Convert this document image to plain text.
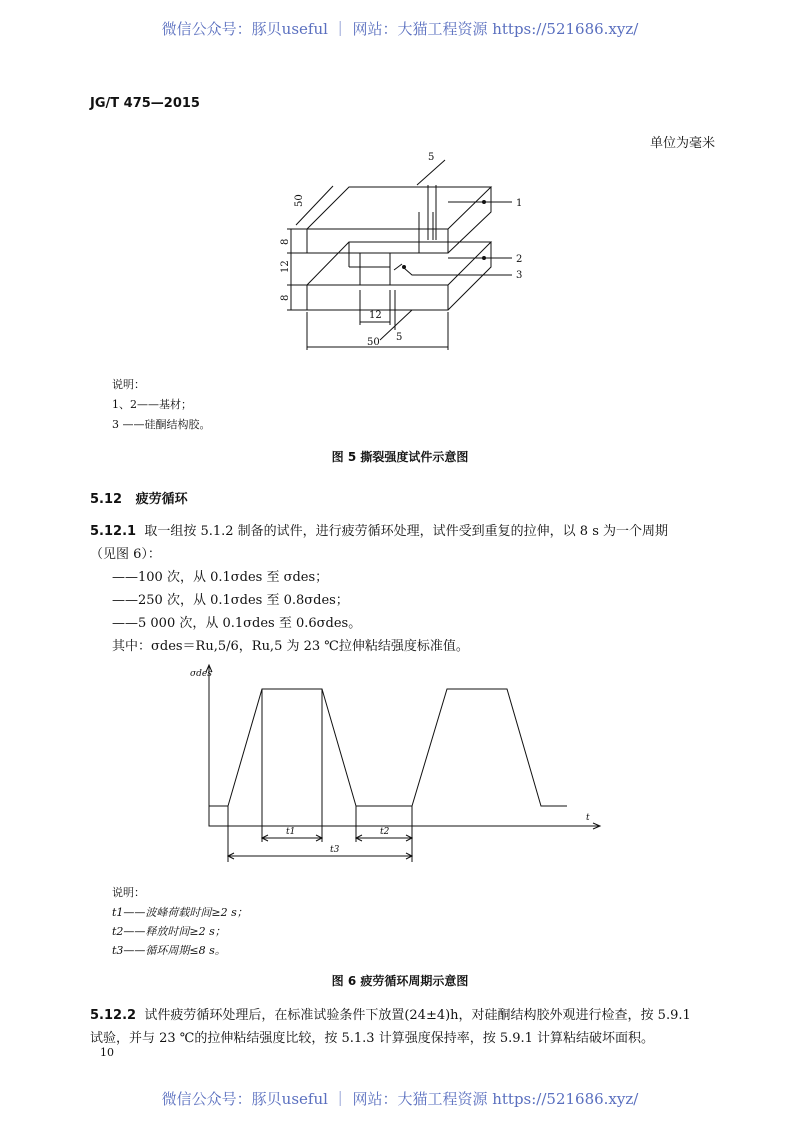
微信公众号：豚贝useful ｜ 网站：大猫工程资源 https://521686.xyz/
JG/T 475—2015
单位为毫米
5
50
8
12
8
12
5
50
1
2
3
说明：
1、2——基材；
3 ——硅酮结构胶。
图 5 撕裂强度试件示意图
5.12 疲劳循环
5.12.1 取一组按 5.1.2 制备的试件，进行疲劳循环处理，试件受到重复的拉伸，以 8 s 为一个周期
（见图 6）：
——100 次，从 0.1σdes 至 σdes；
——250 次，从 0.1σdes 至 0.8σdes；
——5 000 次，从 0.1σdes 至 0.6σdes。
其中：σdes＝Ru,5/6，Ru,5 为 23 ℃拉伸粘结强度标准值。
σdes
t
t1	t2
t3
说明：
t1——波峰荷载时间≥2 s；
t2——释放时间≥2 s；
t3——循环周期≤8 s。
图 6 疲劳循环周期示意图
5.12.2 试件疲劳循环处理后，在标准试验条件下放置(24±4)h，对硅酮结构胶外观进行检查，按 5.9.1
试验，并与 23 ℃的拉伸粘结强度比较，按 5.1.3 计算强度保持率，按 5.9.1 计算粘结破坏面积。
10
微信公众号：豚贝useful ｜ 网站：大猫工程资源 https://521686.xyz/
